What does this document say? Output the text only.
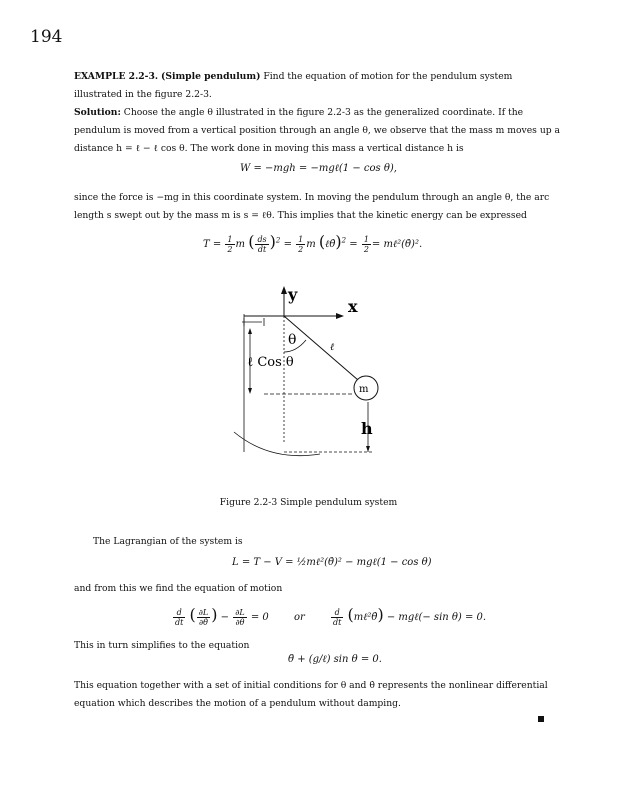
194
EXAMPLE 2.2-3. (Simple pendulum) Find the equation of motion for the pendulum system illustrated in the figure 2.2-3.
Solution: Choose the angle θ illustrated in the figure 2.2-3 as the generalized coordinate. If the pendulum is moved from a vertical position through an angle θ, we observe that the mass m moves up a distance h = ℓ − ℓ cos θ. The work done in moving this mass a vertical distance h is
W = −mgh = −mgℓ(1 − cos θ),
since the force is −mg in this coordinate system. In moving the pendulum through an angle θ, the arc length s swept out by the mass m is s = ℓθ. This implies that the kinetic energy can be expressed
$T = \frac{1}{2}$ m ( $\frac{ds}{dt} )^2 = \frac{1}{2}$ m (ℓθ̇)$^2$ = $\frac{1}{2}$ = mℓ²(θ̇)².
y
x
ℓ Cos θ
ℓ
θ
m
h
Figure 2.2-3 Simple pendulum system
The Lagrangian of the system is
L = T − V = ½mℓ²(θ̇)² − mgℓ(1 − cos θ)
and from this we find the equation of motion
$\frac{d}{dt}$ ( $\frac{\partial L}{\partial\thetȧ}$ ) − $\frac{\partial L}{\partial\theta} = 0$ or	$\frac{d}{dt}$ (mℓ²θ̇) − mgℓ(− sin θ) = 0.
This in turn simplifies to the equation
θ̈ + (g/ℓ) sin θ = 0.
This equation together with a set of initial conditions for θ and θ̇ represents the nonlinear differential equation which describes the motion of a pendulum without damping.
